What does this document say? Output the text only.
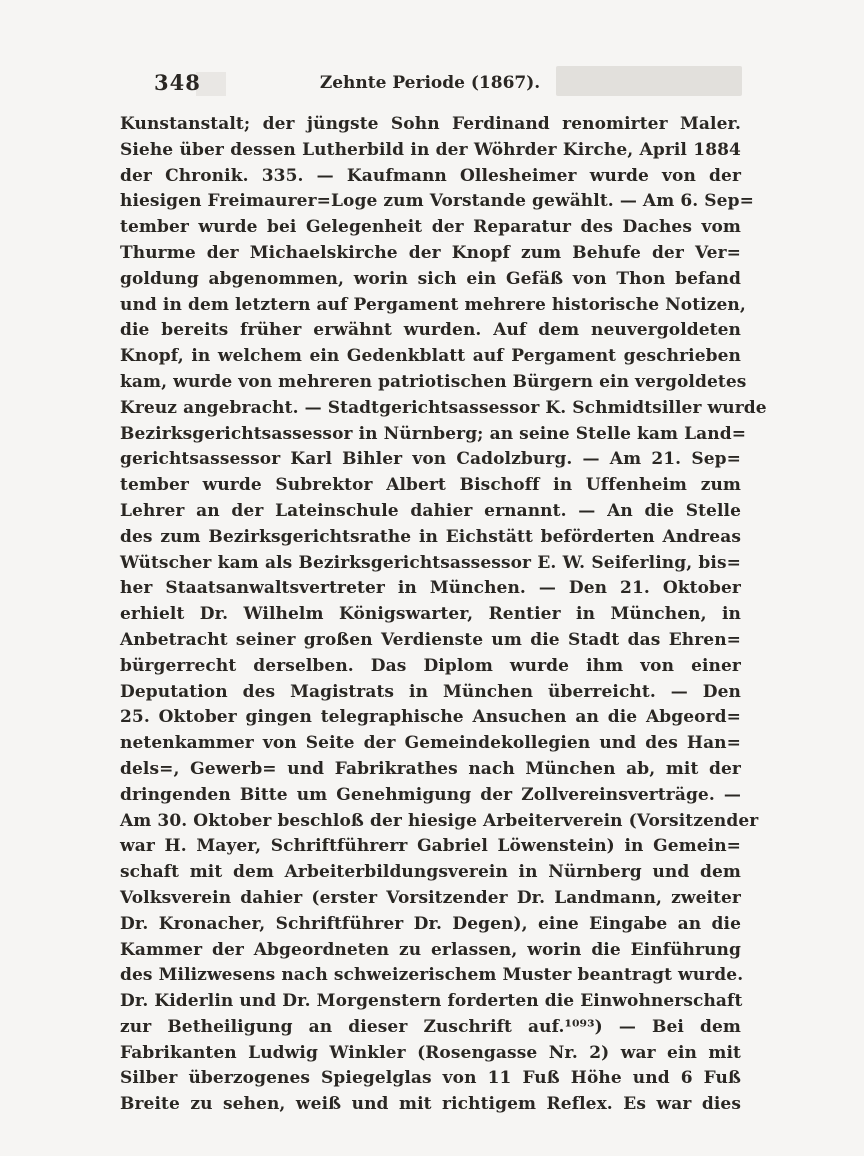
348	Zehnte Periode (1867).
Kunstanstalt; der jüngste Sohn Ferdinand renomirter Maler.
Siehe über dessen Lutherbild in der Wöhrder Kirche, April 1884
der Chronik. 335. — Kaufmann Ollesheimer wurde von der
hiesigen Freimaurer=Loge zum Vorstande gewählt. — Am 6. Sep=
tember wurde bei Gelegenheit der Reparatur des Daches vom
Thurme der Michaelskirche der Knopf zum Behufe der Ver=
goldung abgenommen, worin sich ein Gefäß von Thon befand
und in dem letztern auf Pergament mehrere historische Notizen,
die bereits früher erwähnt wurden. Auf dem neuvergoldeten
Knopf, in welchem ein Gedenkblatt auf Pergament geschrieben
kam, wurde von mehreren patriotischen Bürgern ein vergoldetes
Kreuz angebracht. — Stadtgerichtsassessor K. Schmidtsiller wurde
Bezirksgerichtsassessor in Nürnberg; an seine Stelle kam Land=
gerichtsassessor Karl Bihler von Cadolzburg. — Am 21. Sep=
tember wurde Subrektor Albert Bischoff in Uffenheim zum
Lehrer an der Lateinschule dahier ernannt. — An die Stelle
des zum Bezirksgerichtsrathe in Eichstätt beförderten Andreas
Wütscher kam als Bezirksgerichtsassessor E. W. Seiferling, bis=
her Staatsanwaltsvertreter in München. — Den 21. Oktober
erhielt Dr. Wilhelm Königswarter, Rentier in München, in
Anbetracht seiner großen Verdienste um die Stadt das Ehren=
bürgerrecht derselben. Das Diplom wurde ihm von einer
Deputation des Magistrats in München überreicht. — Den
25. Oktober gingen telegraphische Ansuchen an die Abgeord=
netenkammer von Seite der Gemeindekollegien und des Han=
dels=, Gewerb= und Fabrikrathes nach München ab, mit der
dringenden Bitte um Genehmigung der Zollvereinsverträge. —
Am 30. Oktober beschloß der hiesige Arbeiterverein (Vorsitzender
war H. Mayer, Schriftführerr Gabriel Löwenstein) in Gemein=
schaft mit dem Arbeiterbildungsverein in Nürnberg und dem
Volksverein dahier (erster Vorsitzender Dr. Landmann, zweiter
Dr. Kronacher, Schriftführer Dr. Degen), eine Eingabe an die
Kammer der Abgeordneten zu erlassen, worin die Einführung
des Milizwesens nach schweizerischem Muster beantragt wurde.
Dr. Kiderlin und Dr. Morgenstern forderten die Einwohnerschaft
zur Betheiligung an dieser Zuschrift auf.¹⁰⁹³) — Bei dem
Fabrikanten Ludwig Winkler (Rosengasse Nr. 2) war ein mit
Silber überzogenes Spiegelglas von 11 Fuß Höhe und 6 Fuß
Breite zu sehen, weiß und mit richtigem Reflex. Es war dies
